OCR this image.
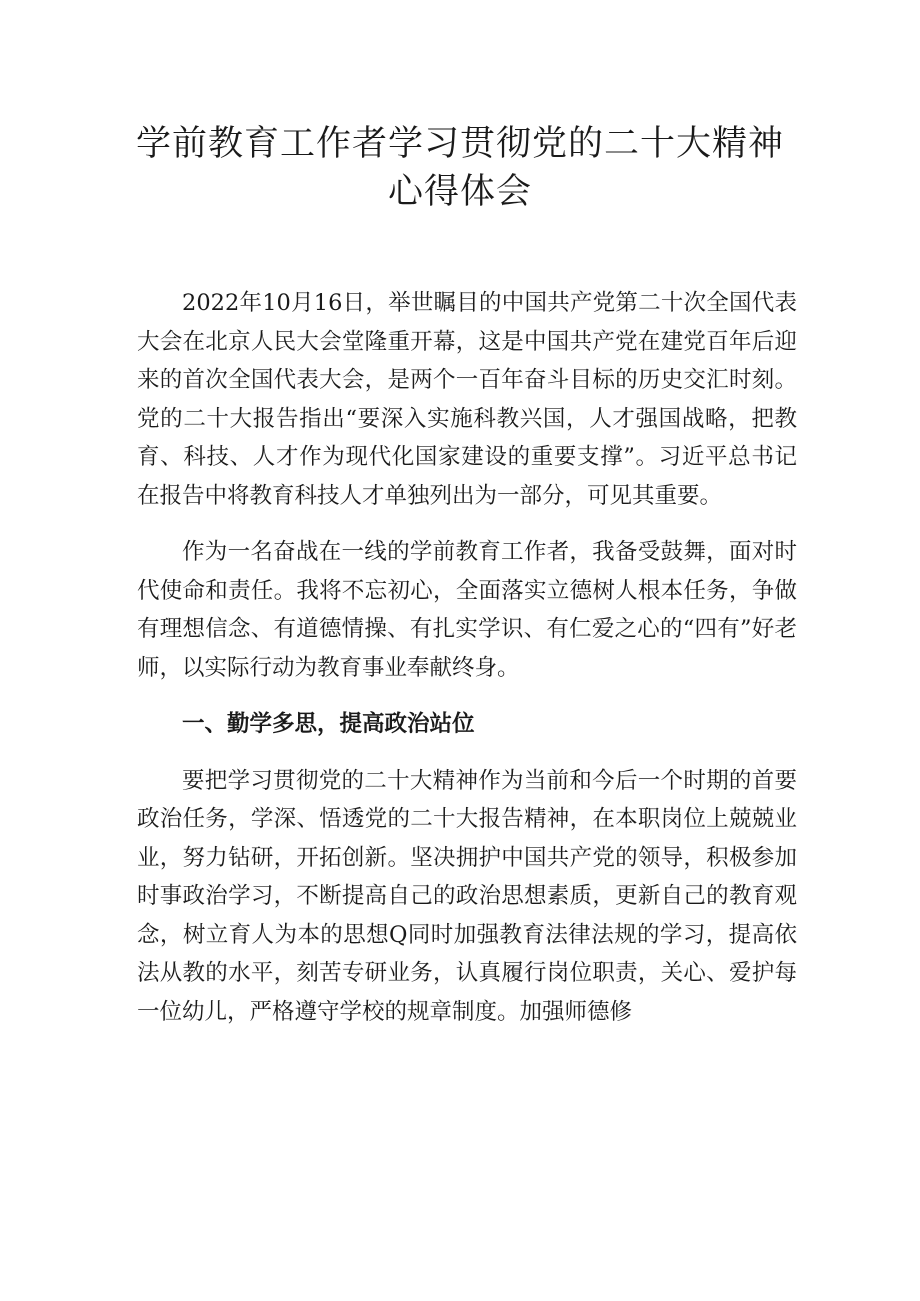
学前教育工作者学习贯彻党的二十大精神
心得体会

2022年10月16日，举世瞩目的中国共产党第二十次全国代表大会在北京人民大会堂隆重开幕，这是中国共产党在建党百年后迎来的首次全国代表大会，是两个一百年奋斗目标的历史交汇时刻。党的二十大报告指出“要深入实施科教兴国，人才强国战略，把教育、科技、人才作为现代化国家建设的重要支撑”。习近平总书记在报告中将教育科技人才单独列出为一部分，可见其重要。

作为一名奋战在一线的学前教育工作者，我备受鼓舞，面对时代使命和责任。我将不忘初心，全面落实立德树人根本任务，争做有理想信念、有道德情操、有扎实学识、有仁爱之心的“四有”好老师，以实际行动为教育事业奉献终身。

一、勤学多思，提高政治站位

要把学习贯彻党的二十大精神作为当前和今后一个时期的首要政治任务，学深、悟透党的二十大报告精神，在本职岗位上兢兢业业，努力钻研，开拓创新。坚决拥护中国共产党的领导，积极参加时事政治学习，不断提高自己的政治思想素质，更新自己的教育观念，树立育人为本的思想Q同时加强教育法律法规的学习，提高依法从教的水平，刻苦专研业务，认真履行岗位职责，关心、爱护每一位幼儿，严格遵守学校的规章制度。加强师德修
